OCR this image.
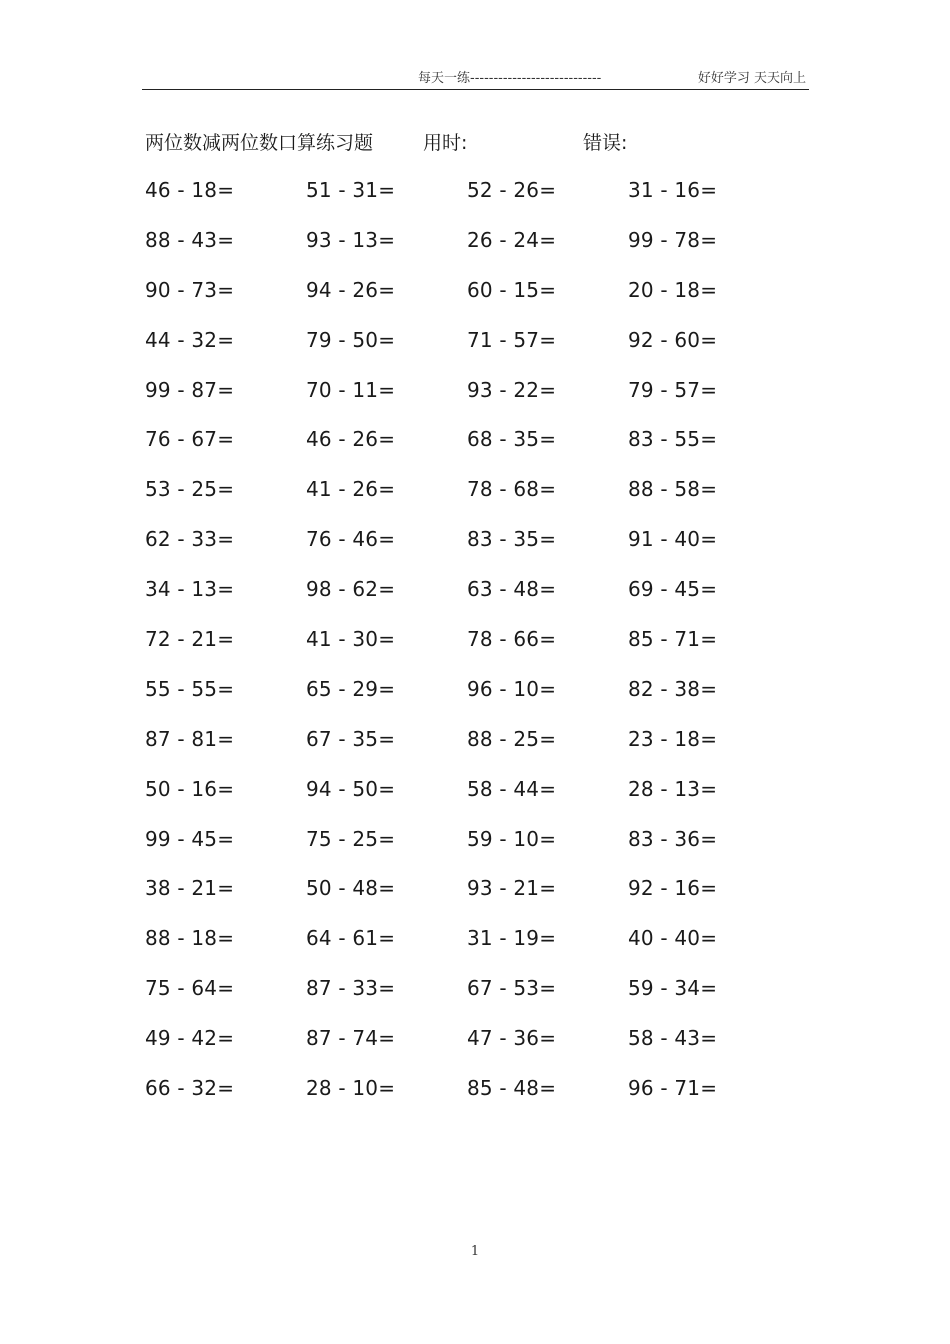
每天一练----------------------------	好好学习 天天向上
两位数减两位数口算练习题	用时:	错误:
46 - 18=	51 - 31=	52 - 26=	31 - 16=
88 - 43=	93 - 13=	26 - 24=	99 - 78=
90 - 73=	94 - 26=	60 - 15=	20 - 18=
44 - 32=	79 - 50=	71 - 57=	92 - 60=
99 - 87=	70 - 11=	93 - 22=	79 - 57=
76 - 67=	46 - 26=	68 - 35=	83 - 55=
53 - 25=	41 - 26=	78 - 68=	88 - 58=
62 - 33=	76 - 46=	83 - 35=	91 - 40=
34 - 13=	98 - 62=	63 - 48=	69 - 45=
72 - 21=	41 - 30=	78 - 66=	85 - 71=
55 - 55=	65 - 29=	96 - 10=	82 - 38=
87 - 81=	67 - 35=	88 - 25=	23 - 18=
50 - 16=	94 - 50=	58 - 44=	28 - 13=
99 - 45=	75 - 25=	59 - 10=	83 - 36=
38 - 21=	50 - 48=	93 - 21=	92 - 16=
88 - 18=	64 - 61=	31 - 19=	40 - 40=
75 - 64=	87 - 33=	67 - 53=	59 - 34=
49 - 42=	87 - 74=	47 - 36=	58 - 43=
66 - 32=	28 - 10=	85 - 48=	96 - 71=
1
